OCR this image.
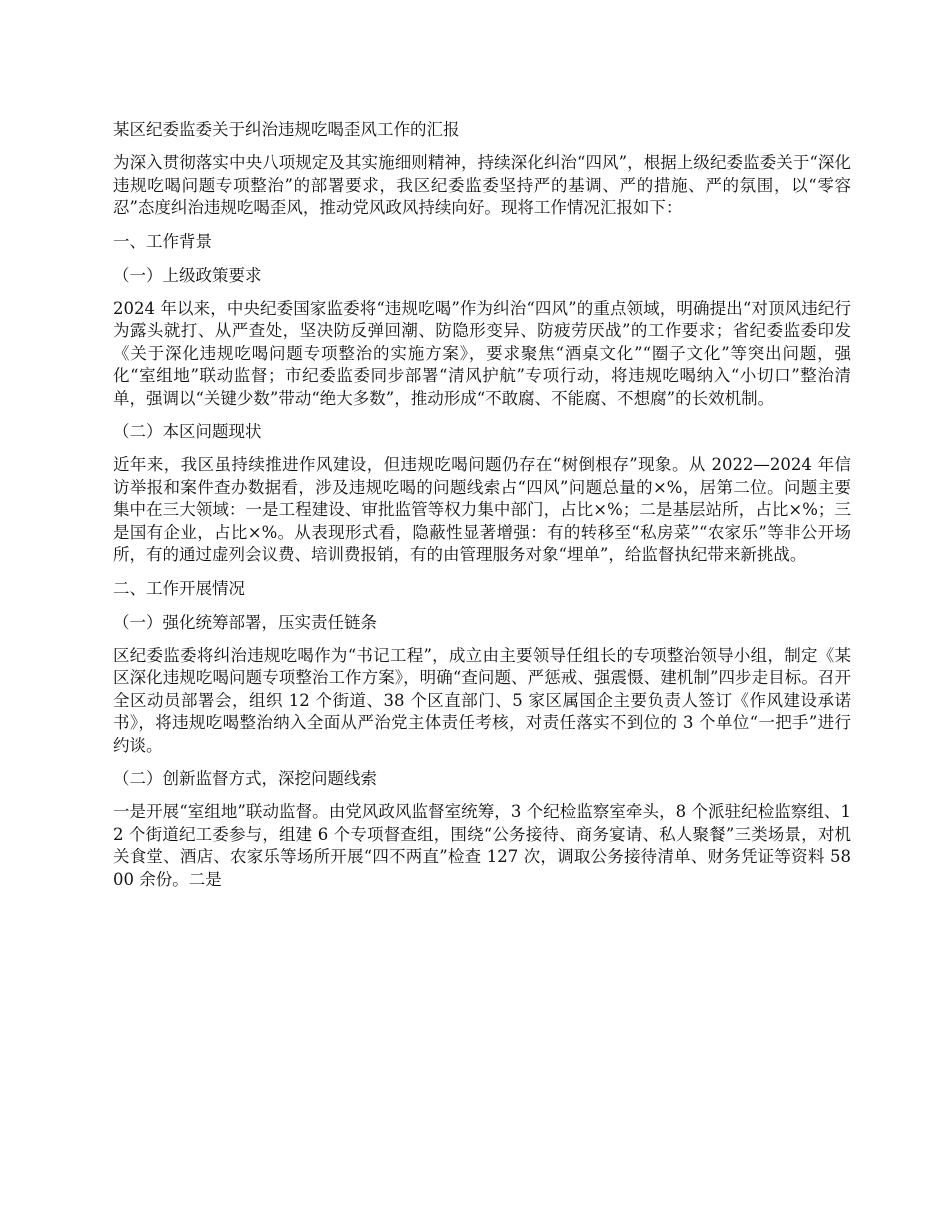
某区纪委监委关于纠治违规吃喝歪风工作的汇报

为深入贯彻落实中央八项规定及其实施细则精神，持续深化纠治“四风”，根据上级纪委监委关于“深化违规吃喝问题专项整治”的部署要求，我区纪委监委坚持严的基调、严的措施、严的氛围，以“零容忍”态度纠治违规吃喝歪风，推动党风政风持续向好。现将工作情况汇报如下：

一、工作背景

（一）上级政策要求

2024 年以来，中央纪委国家监委将“违规吃喝”作为纠治“四风”的重点领域，明确提出“对顶风违纪行为露头就打、从严查处，坚决防反弹回潮、防隐形变异、防疲劳厌战”的工作要求；省纪委监委印发《关于深化违规吃喝问题专项整治的实施方案》，要求聚焦“酒桌文化”“圈子文化”等突出问题，强化“室组地”联动监督；市纪委监委同步部署“清风护航”专项行动，将违规吃喝纳入“小切口”整治清单，强调以“关键少数”带动“绝大多数”，推动形成“不敢腐、不能腐、不想腐”的长效机制。

（二）本区问题现状

近年来，我区虽持续推进作风建设，但违规吃喝问题仍存在“树倒根存”现象。从 2022—2024 年信访举报和案件查办数据看，涉及违规吃喝的问题线索占“四风”问题总量的×%，居第二位。问题主要集中在三大领域：一是工程建设、审批监管等权力集中部门，占比×%；二是基层站所，占比×%；三是国有企业，占比×%。从表现形式看，隐蔽性显著增强：有的转移至“私房菜”“农家乐”等非公开场所，有的通过虚列会议费、培训费报销，有的由管理服务对象“埋单”，给监督执纪带来新挑战。

二、工作开展情况

（一）强化统筹部署，压实责任链条

区纪委监委将纠治违规吃喝作为“书记工程”，成立由主要领导任组长的专项整治领导小组，制定《某区深化违规吃喝问题专项整治工作方案》，明确“查问题、严惩戒、强震慑、建机制”四步走目标。召开全区动员部署会，组织 12 个街道、38 个区直部门、5 家区属国企主要负责人签订《作风建设承诺书》，将违规吃喝整治纳入全面从严治党主体责任考核，对责任落实不到位的 3 个单位“一把手”进行约谈。

（二）创新监督方式，深挖问题线索

一是开展“室组地”联动监督。由党风政风监督室统筹，3 个纪检监察室牵头，8 个派驻纪检监察组、12 个街道纪工委参与，组建 6 个专项督查组，围绕“公务接待、商务宴请、私人聚餐”三类场景，对机关食堂、酒店、农家乐等场所开展“四不两直”检查 127 次，调取公务接待清单、财务凭证等资料 5800 余份。二是
